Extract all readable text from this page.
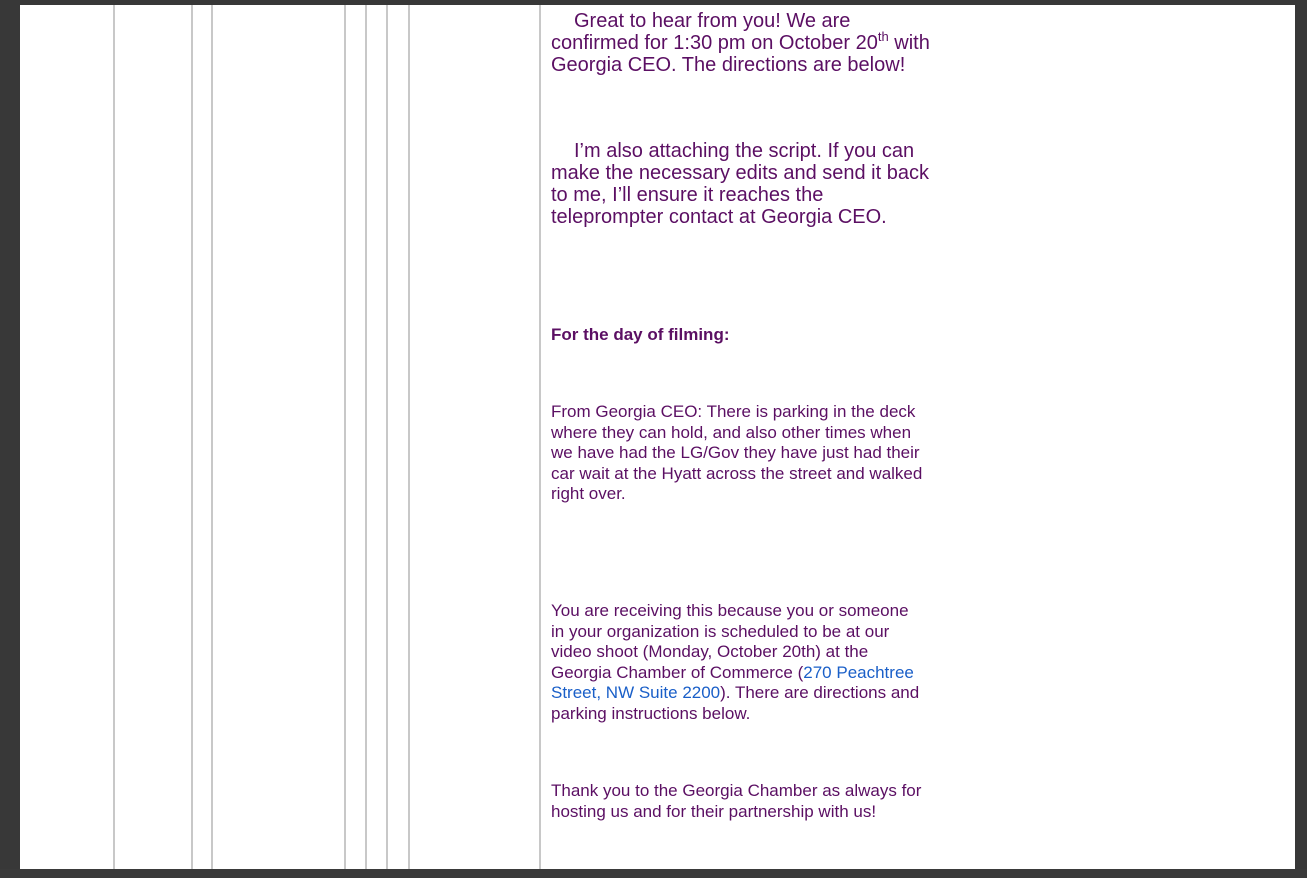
Great to hear from you! We are
confirmed for 1:30 pm on October 20th with
Georgia CEO. The directions are below!
I’m also attaching the script. If you can
make the necessary edits and send it back
to me, I’ll ensure it reaches the
teleprompter contact at Georgia CEO.

For the day of filming:

From Georgia CEO: There is parking in the deck
where they can hold, and also other times when
we have had the LG/Gov they have just had their
car wait at the Hyatt across the street and walked
right over.
You are receiving this because you or someone
in your organization is scheduled to be at our
video shoot (Monday, October 20th) at the
Georgia Chamber of Commerce (270 Peachtree
Street, NW Suite 2200). There are directions and
parking instructions below.
Thank you to the Georgia Chamber as always for
hosting us and for their partnership with us!
